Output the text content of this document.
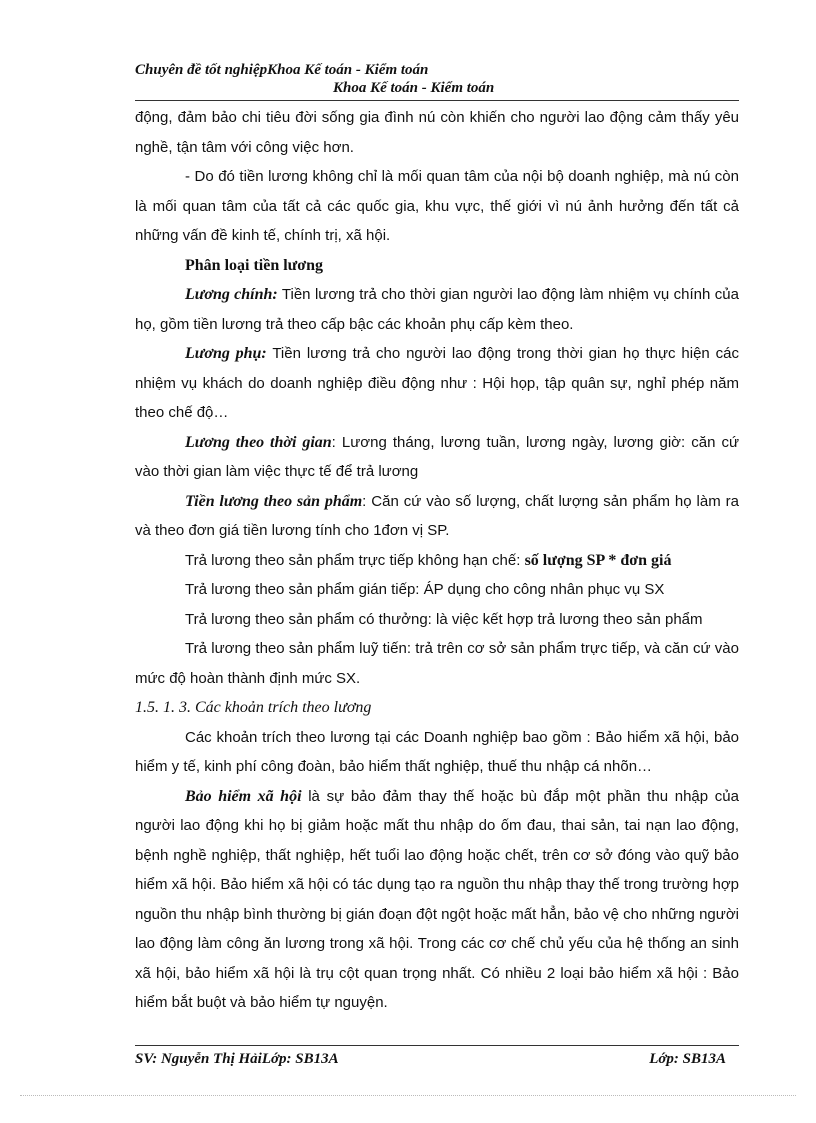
Chuyên đề tốt nghiệpKhoa Kế toán - Kiểm toán
Khoa Kế toán - Kiểm toán

động, đảm bảo chi tiêu đời sống gia đình nú còn khiến cho người lao động cảm thấy yêu nghề, tận tâm với công việc hơn.

- Do đó tiền lương không chỉ là mối quan tâm của nội bộ doanh nghiệp, mà nú còn là mối quan tâm của tất cả các quốc gia, khu vực, thế giới vì nú ảnh hưởng đến tất cả những vấn đề kinh tế, chính trị, xã hội.

Phân loại tiền lương

Lương chính: Tiền lương trả cho thời gian người lao động làm nhiệm vụ chính của họ, gồm tiền lương trả theo cấp bậc các khoản phụ cấp kèm theo.

Lương phụ: Tiền lương trả cho người lao động trong thời gian họ thực hiện các nhiệm vụ khách do doanh nghiệp điều động như : Hội họp, tập quân sự, nghỉ phép năm theo chế độ…

Lương theo thời gian: Lương tháng, lương tuần, lương ngày, lương giờ: căn cứ vào thời gian làm việc thực tế để trả lương

Tiền lương theo sản phẩm: Căn cứ vào số lượng, chất lượng sản phẩm họ làm ra và theo đơn giá tiền lương tính cho 1đơn vị SP.

Trả lương theo sản phẩm trực tiếp không hạn chế: số lượng SP * đơn giá

Trả lương theo sản phẩm gián tiếp: ÁP dụng cho công nhân phục vụ SX

Trả lương theo sản phẩm có thưởng: là việc kết hợp trả lương theo sản phẩm

Trả lương theo sản phẩm luỹ tiến: trả trên cơ sở sản phẩm trực tiếp, và căn cứ vào mức độ hoàn thành định mức SX.

1.5. 1. 3. Các khoản trích theo lương

Các khoản trích theo lương tại các Doanh nghiệp bao gồm : Bảo hiểm xã hội, bảo hiểm y tế, kinh phí công đoàn, bảo hiểm thất nghiệp, thuế thu nhập cá nhõn…

Bảo hiểm xã hội là sự bảo đảm thay thế hoặc bù đắp một phần thu nhập của người lao động khi họ bị giảm hoặc mất thu nhập do ốm đau, thai sản, tai nạn lao động, bệnh nghề nghiệp, thất nghiệp, hết tuổi lao động hoặc chết, trên cơ sở đóng vào quỹ bảo hiểm xã hội. Bảo hiểm xã hội có tác dụng tạo ra nguồn thu nhập thay thế trong trường hợp nguồn thu nhập bình thường bị gián đoạn đột ngột hoặc mất hẳn, bảo vệ cho những người lao động làm công ăn lương trong xã hội. Trong các cơ chế chủ yếu của hệ thống an sinh xã hội, bảo hiểm xã hội là trụ cột quan trọng nhất. Có nhiều 2 loại bảo hiểm xã hội : Bảo hiểm bắt buột và bảo hiểm tự nguyện.

SV: Nguyễn Thị HảiLớp: SB13A	Lớp: SB13A
